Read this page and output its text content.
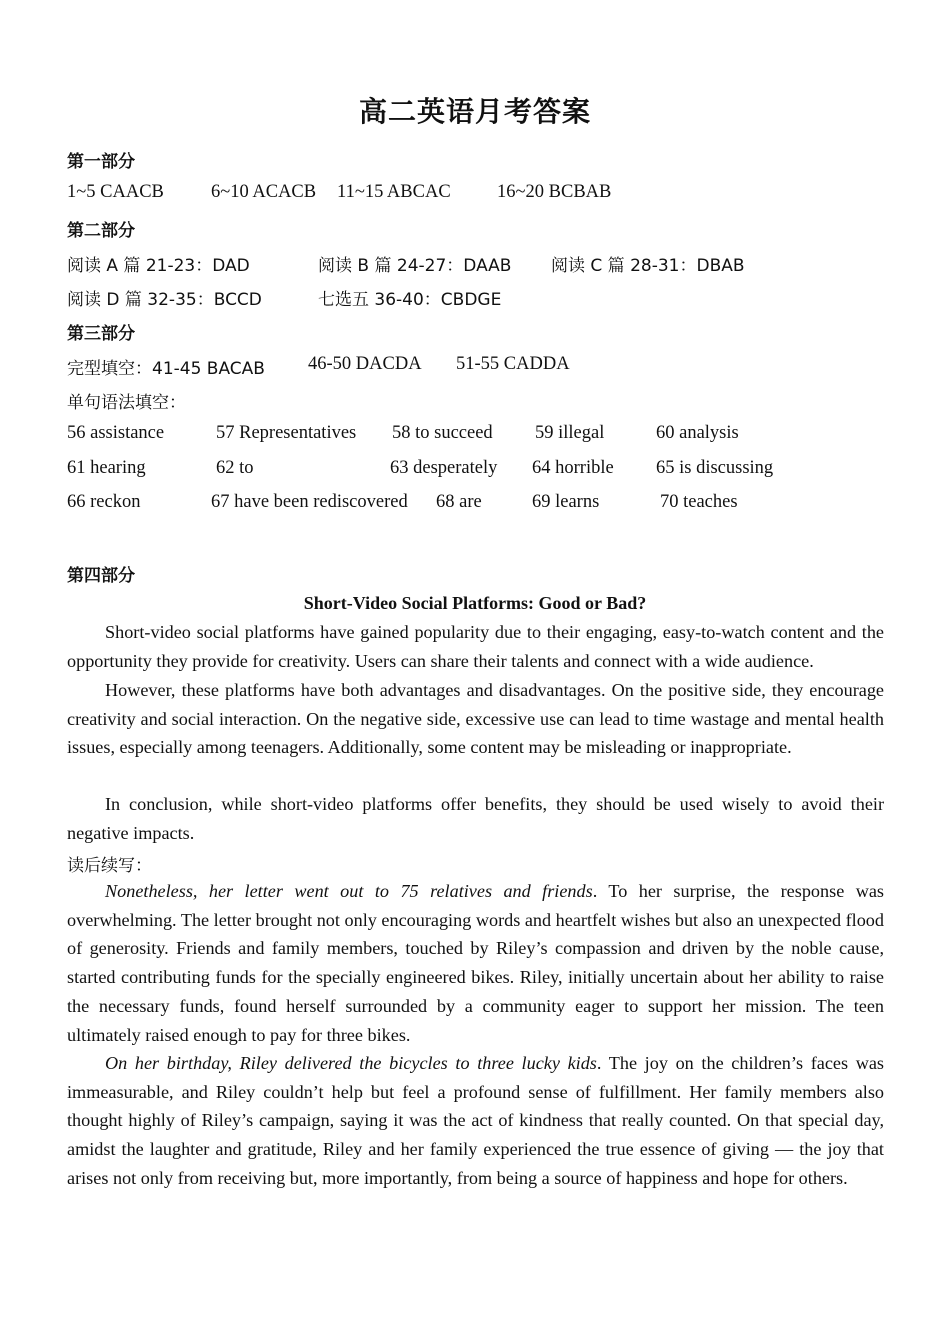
高二英语月考答案
第一部分
1~5 CAACB	6~10 ACACB 11~15 ABCAC	16~20 BCBAB
第二部分
阅读 A 篇 21-23：DAD	阅读 B 篇 24-27：DAAB 阅读 C 篇 28-31：DBAB
阅读 D 篇 32-35：BCCD	七选五 36-40：CBDGE
第三部分
完型填空：41-45 BACAB 46-50 DACDA 51-55 CADDA
单句语法填空：
56 assistance	57 Representatives 58 to succeed 59 illegal	60 analysis
61 hearing	62 to	63 desperately 64 horrible 65 is discussing
66 reckon	67 have been rediscovered 68 are	69 learns	70 teaches
第四部分
Short-Video Social Platforms: Good or Bad?

Short-video social platforms have gained popularity due to their engaging, easy-to-watch content and the opportunity they provide for creativity. Users can share their talents and connect with a wide audience.

However, these platforms have both advantages and disadvantages. On the positive side, they encourage creativity and social interaction. On the negative side, excessive use can lead to time wastage and mental health issues, especially among teenagers. Additionally, some content may be misleading or inappropriate.

In conclusion, while short-video platforms offer benefits, they should be used wisely to avoid their negative impacts.

读后续写：

Nonetheless, her letter went out to 75 relatives and friends. To her surprise, the response was overwhelming. The letter brought not only encouraging words and heartfelt wishes but also an unexpected flood of generosity. Friends and family members, touched by Riley’s compassion and driven by the noble cause, started contributing funds for the specially engineered bikes. Riley, initially uncertain about her ability to raise the necessary funds, found herself surrounded by a community eager to support her mission. The teen ultimately raised enough to pay for three bikes.

On her birthday, Riley delivered the bicycles to three lucky kids. The joy on the children’s faces was immeasurable, and Riley couldn’t help but feel a profound sense of fulfillment. Her family members also thought highly of Riley’s campaign, saying it was the act of kindness that really counted. On that special day, amidst the laughter and gratitude, Riley and her family experienced the true essence of giving — the joy that arises not only from receiving but, more importantly, from being a source of happiness and hope for others.
